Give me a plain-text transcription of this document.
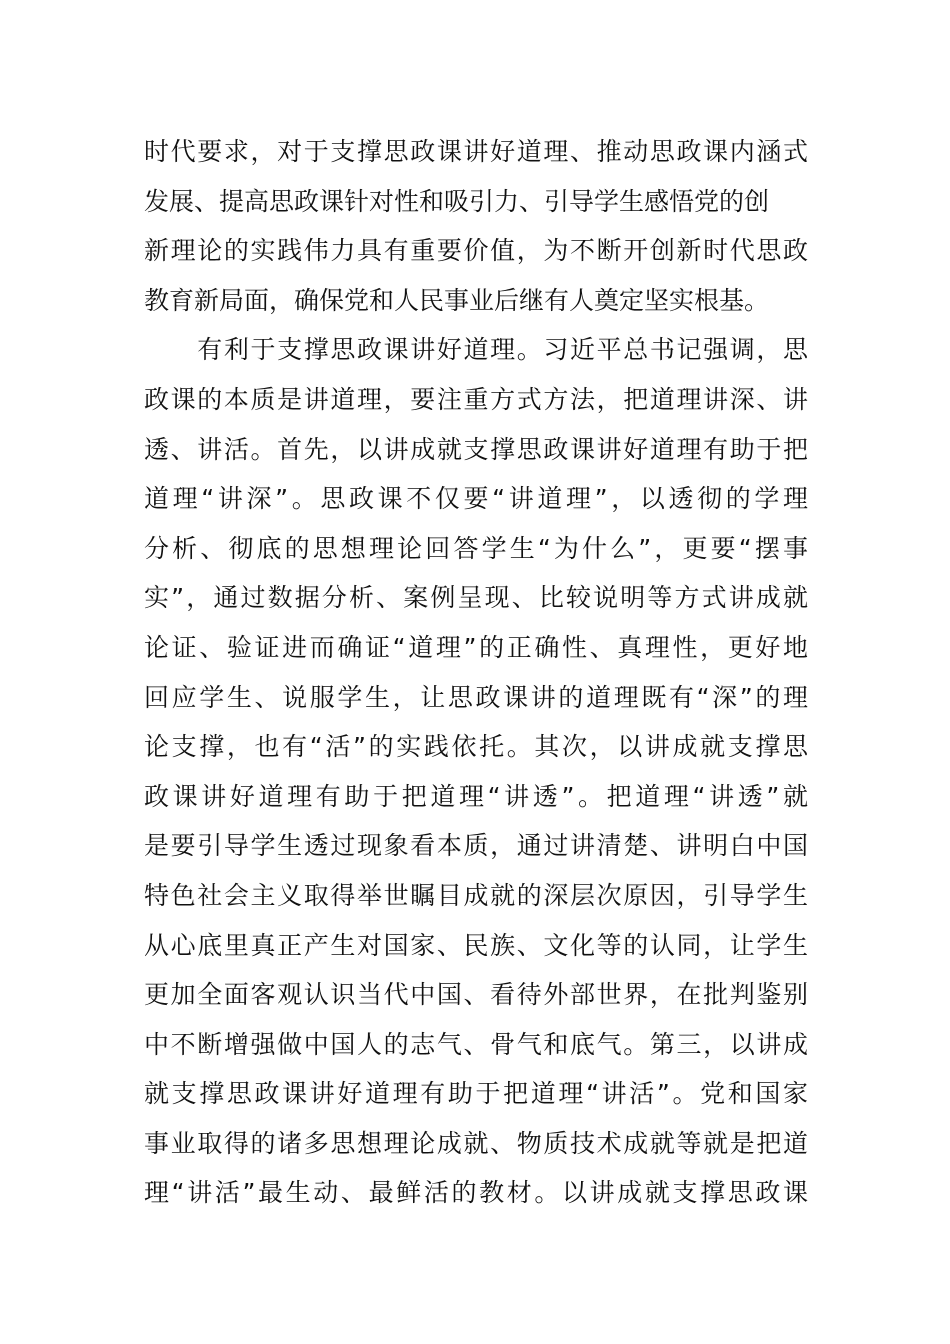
时代要求，对于支撑思政课讲好道理、推动思政课内涵式
发展、提高思政课针对性和吸引力、引导学生感悟党的创
新理论的实践伟力具有重要价值，为不断开创新时代思政
教育新局面，确保党和人民事业后继有人奠定坚实根基。
　　有利于支撑思政课讲好道理。习近平总书记强调，思
政课的本质是讲道理，要注重方式方法，把道理讲深、讲
透、讲活。首先，以讲成就支撑思政课讲好道理有助于把
道理“讲深”。思政课不仅要“讲道理”，以透彻的学理
分析、彻底的思想理论回答学生“为什么”，更要“摆事
实”，通过数据分析、案例呈现、比较说明等方式讲成就
论证、验证进而确证“道理”的正确性、真理性，更好地
回应学生、说服学生，让思政课讲的道理既有“深”的理
论支撑，也有“活”的实践依托。其次，以讲成就支撑思
政课讲好道理有助于把道理“讲透”。把道理“讲透”就
是要引导学生透过现象看本质，通过讲清楚、讲明白中国
特色社会主义取得举世瞩目成就的深层次原因，引导学生
从心底里真正产生对国家、民族、文化等的认同，让学生
更加全面客观认识当代中国、看待外部世界，在批判鉴别
中不断增强做中国人的志气、骨气和底气。第三，以讲成
就支撑思政课讲好道理有助于把道理“讲活”。党和国家
事业取得的诸多思想理论成就、物质技术成就等就是把道
理“讲活”最生动、最鲜活的教材。以讲成就支撑思政课
